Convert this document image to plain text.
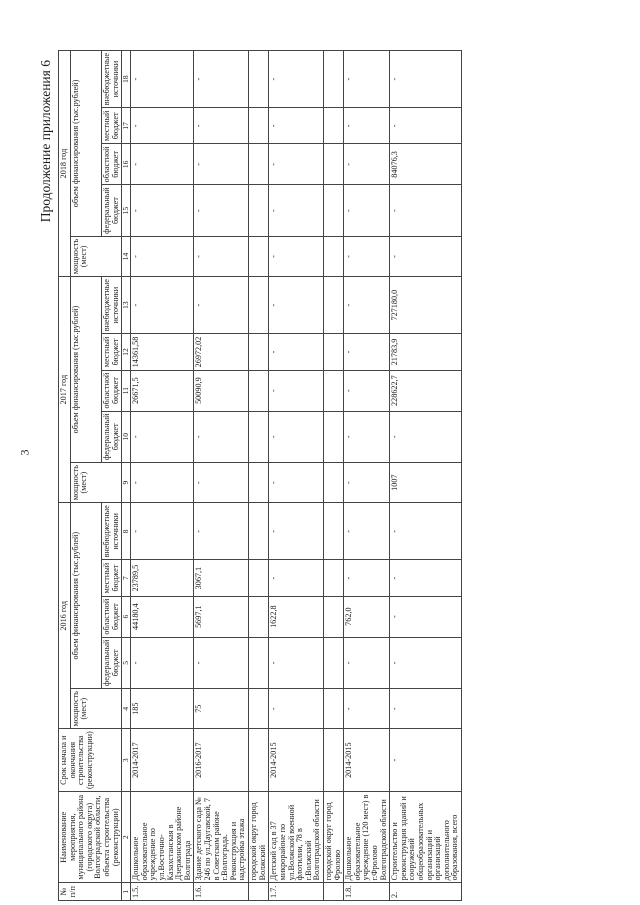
3
Продолжение приложения 6
№ п/п	Наименование мероприятия, муниципального района (городского округа) Волгоградской области, объекта строительства (реконструкции)	Срок начала и окончания строительства (реконструкции)	2016 год					2017 год					2018 год				
			мощность (мест)	объем финансирования (тыс.рублей)				мощность (мест)	объем финансирования (тыс.рублей)				мощность (мест)	объем финансирования (тыс.рублей)			
				федеральный бюджет	областной бюджет	местный бюджет	внебюджетные источники		федеральный бюджет	областной бюджет	местный бюджет	внебюджетные источники		федеральный бюджет	областной бюджет	местный бюджет	внебюджетные источники
1	2	3	4	5	6	7	8	9	10	11	12	13	14	15	16	17	18
1.5.	Дошкольное образовательное учреждение по ул.Восточно-Казахстанская в Дзержинском районе Волгограда	2014-2017	185	-	44180,4	23789,5	-	-	-	26671,5	14361,58	-	-	-	-	-	-
1.6.	Здание детского сада № 246 по ул.Даугавской, 7 в Советском районе г.Волгограда. Реконструкция и надстройка этажа	2016-2017	75	-	5697,1	3067,1	-	-	-	50090,9	26972,02	-	-	-	-	-	-
	городской округ город Волжский																
1.7.	Детский сад в 37 микрорайоне по ул.Волжской военной флотилии, 78 в г.Волжский Волгоградской области	2014-2015	-	-	1622,8	-	-	-	-	-	-	-	-	-	-	-	-
	городской округ город Фролово																
1.8.	Дошкольное образовательное учреждение (120 мест) в г.Фролово Волгоградской области	2014-2015	-	-	762,0	-	-	-	-	-	-	-	-	-	-	-	-
2.	Строительство и реконструкция зданий и сооружений общеобразовательных организаций и организаций дополнительного образования, всего	-	-	-	-	-	-	1007	-	228622,7	21783,9	727180,0	-	-	84076,3	-	-
